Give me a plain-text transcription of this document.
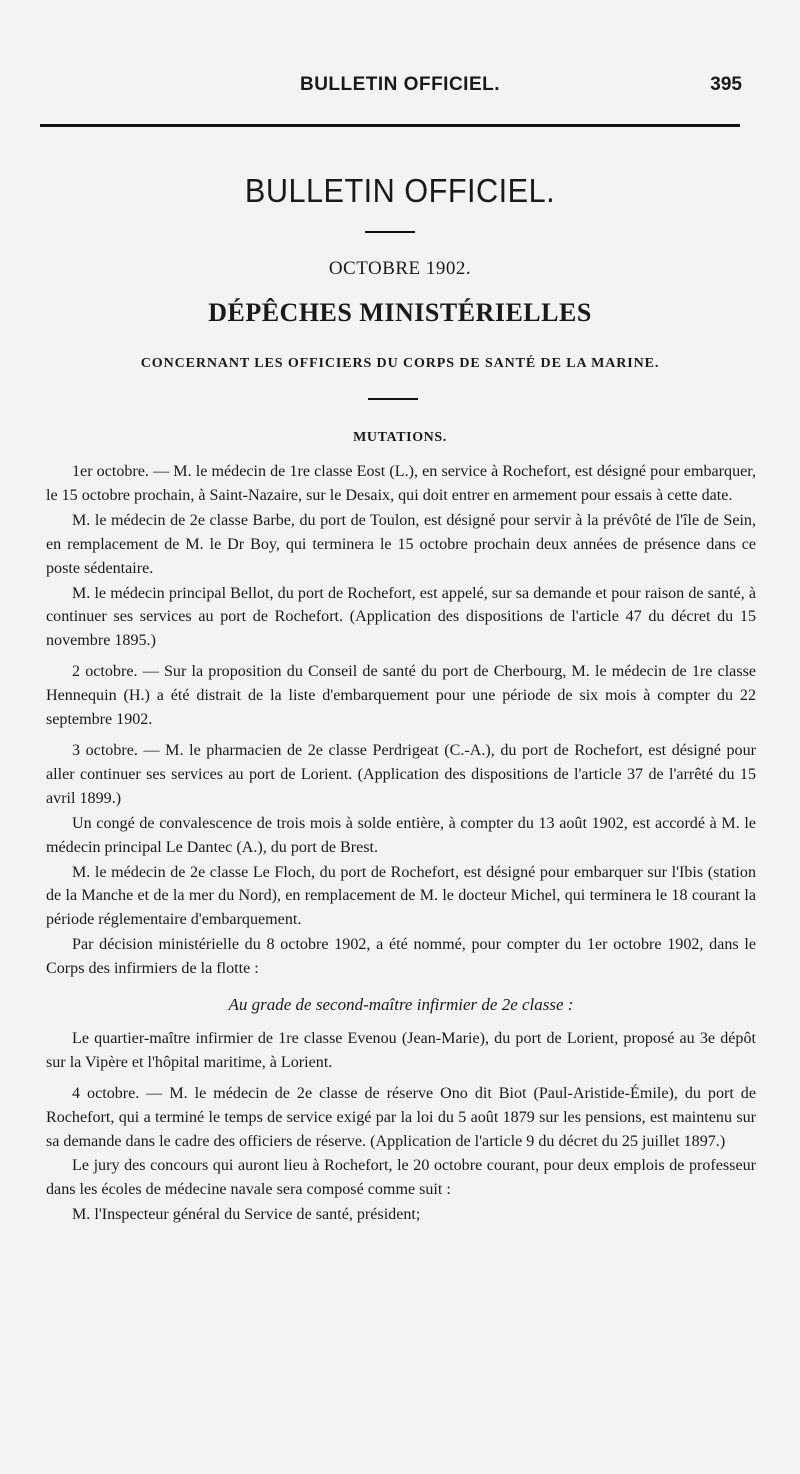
BULLETIN OFFICIEL.	395
BULLETIN OFFICIEL.
OCTOBRE 1902.
DÉPÊCHES MINISTÉRIELLES
CONCERNANT LES OFFICIERS DU CORPS DE SANTÉ DE LA MARINE.
MUTATIONS.

1er octobre. — M. le médecin de 1re classe Eost (L.), en service à Rochefort, est désigné pour embarquer, le 15 octobre prochain, à Saint-Nazaire, sur le Desaix, qui doit entrer en armement pour essais à cette date.

M. le médecin de 2e classe Barbe, du port de Toulon, est désigné pour servir à la prévôté de l'île de Sein, en remplacement de M. le Dr Boy, qui terminera le 15 octobre prochain deux années de présence dans ce poste sédentaire.

M. le médecin principal Bellot, du port de Rochefort, est appelé, sur sa demande et pour raison de santé, à continuer ses services au port de Rochefort. (Application des dispositions de l'article 47 du décret du 15 novembre 1895.)

2 octobre. — Sur la proposition du Conseil de santé du port de Cherbourg, M. le médecin de 1re classe Hennequin (H.) a été distrait de la liste d'embarquement pour une période de six mois à compter du 22 septembre 1902.

3 octobre. — M. le pharmacien de 2e classe Perdrigeat (C.-A.), du port de Rochefort, est désigné pour aller continuer ses services au port de Lorient. (Application des dispositions de l'article 37 de l'arrêté du 15 avril 1899.)

Un congé de convalescence de trois mois à solde entière, à compter du 13 août 1902, est accordé à M. le médecin principal Le Dantec (A.), du port de Brest.

M. le médecin de 2e classe Le Floch, du port de Rochefort, est désigné pour embarquer sur l'Ibis (station de la Manche et de la mer du Nord), en remplacement de M. le docteur Michel, qui terminera le 18 courant la période réglementaire d'embarquement.

Par décision ministérielle du 8 octobre 1902, a été nommé, pour compter du 1er octobre 1902, dans le Corps des infirmiers de la flotte :

Au grade de second-maître infirmier de 2e classe :

Le quartier-maître infirmier de 1re classe Evenou (Jean-Marie), du port de Lorient, proposé au 3e dépôt sur la Vipère et l'hôpital maritime, à Lorient.

4 octobre. — M. le médecin de 2e classe de réserve Ono dit Biot (Paul-Aristide-Émile), du port de Rochefort, qui a terminé le temps de service exigé par la loi du 5 août 1879 sur les pensions, est maintenu sur sa demande dans le cadre des officiers de réserve. (Application de l'article 9 du décret du 25 juillet 1897.)

Le jury des concours qui auront lieu à Rochefort, le 20 octobre courant, pour deux emplois de professeur dans les écoles de médecine navale sera composé comme suit :

M. l'Inspecteur général du Service de santé, président;
